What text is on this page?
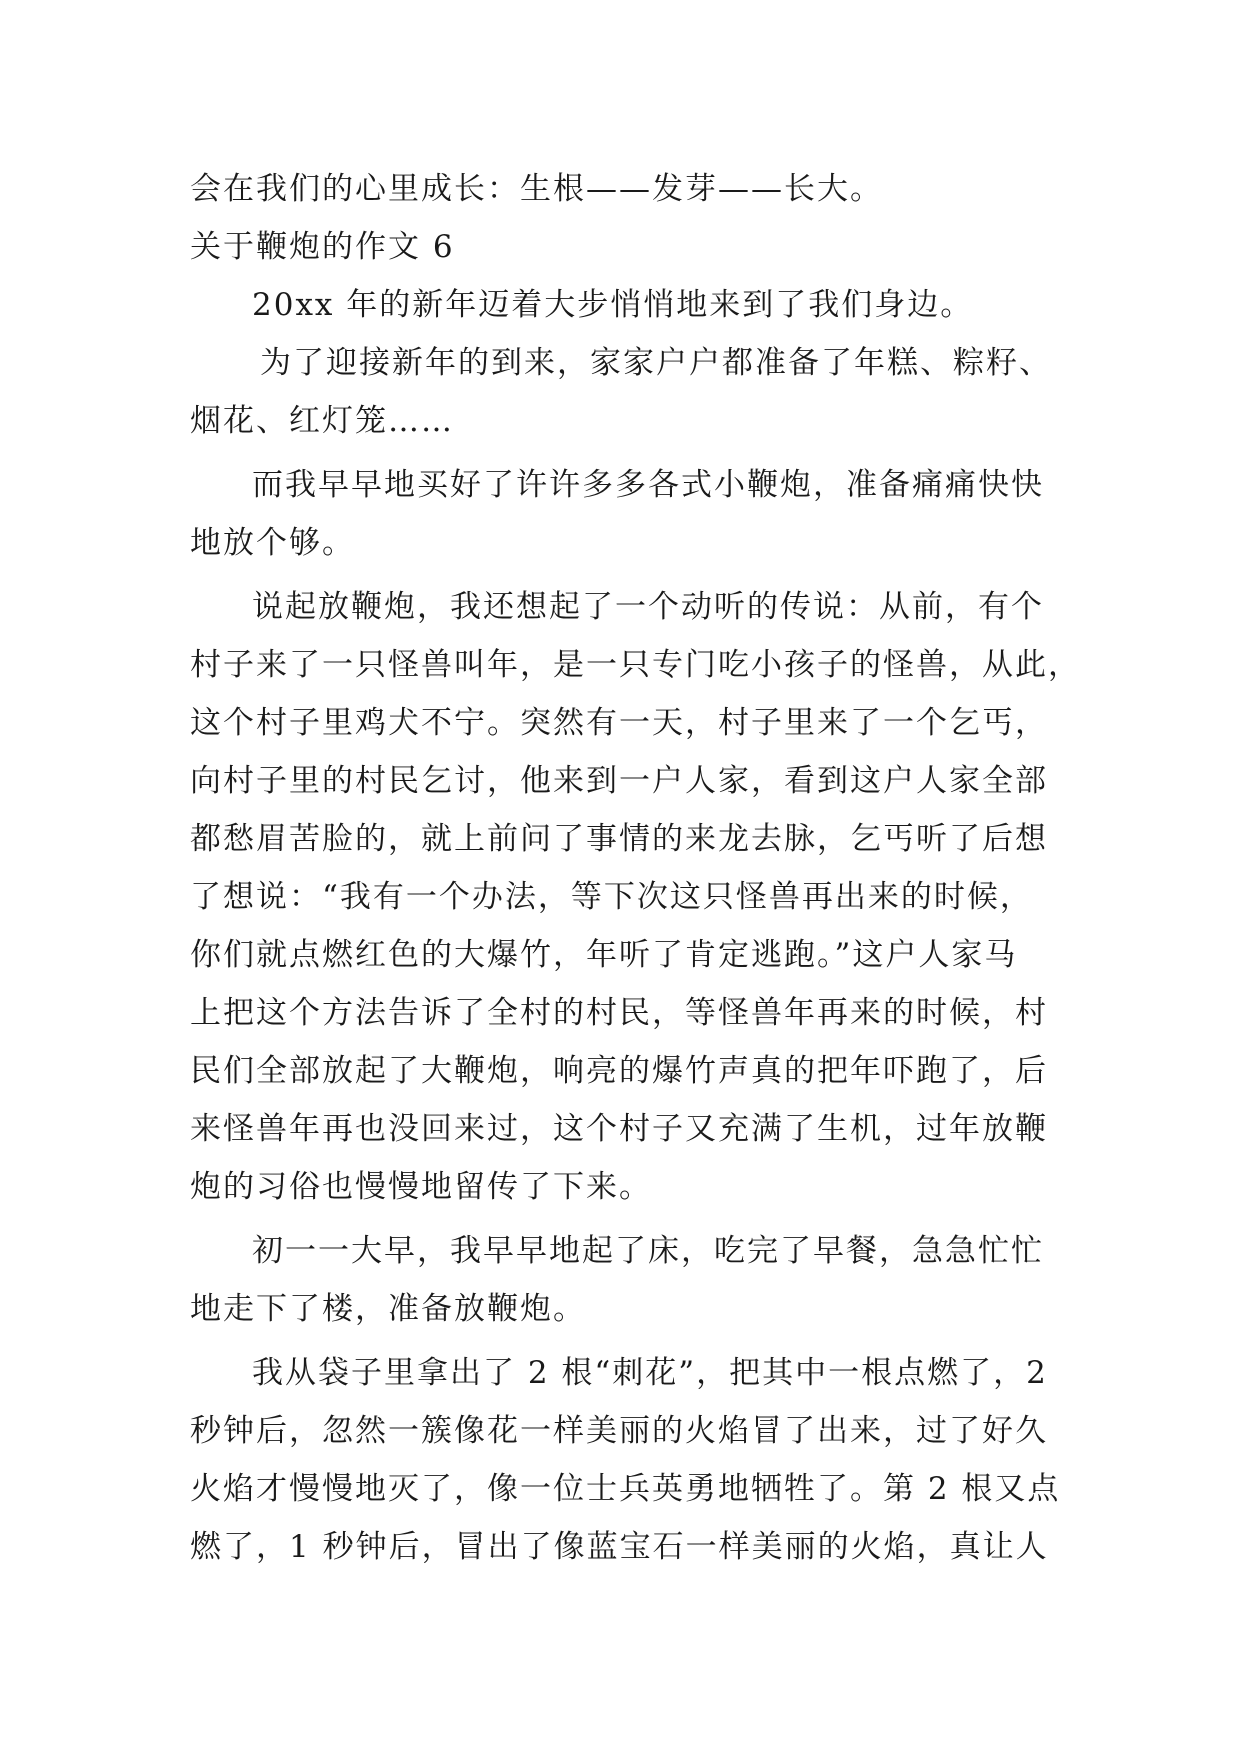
会在我们的心里成长：生根——发芽——长大。
关于鞭炮的作文 6
20xx 年的新年迈着大步悄悄地来到了我们身边。
为了迎接新年的到来，家家户户都准备了年糕、粽籽、
烟花、红灯笼……
而我早早地买好了许许多多各式小鞭炮，准备痛痛快快
地放个够。
说起放鞭炮，我还想起了一个动听的传说：从前，有个
村子来了一只怪兽叫年，是一只专门吃小孩子的怪兽，从此，
这个村子里鸡犬不宁。突然有一天，村子里来了一个乞丐，
向村子里的村民乞讨，他来到一户人家，看到这户人家全部
都愁眉苦脸的，就上前问了事情的来龙去脉，乞丐听了后想
了想说：“我有一个办法，等下次这只怪兽再出来的时候，
你们就点燃红色的大爆竹，年听了肯定逃跑。”这户人家马
上把这个方法告诉了全村的村民，等怪兽年再来的时候，村
民们全部放起了大鞭炮，响亮的爆竹声真的把年吓跑了，后
来怪兽年再也没回来过，这个村子又充满了生机，过年放鞭
炮的习俗也慢慢地留传了下来。
初一一大早，我早早地起了床，吃完了早餐，急急忙忙
地走下了楼，准备放鞭炮。
我从袋子里拿出了 2 根“刺花”，把其中一根点燃了，2
秒钟后，忽然一簇像花一样美丽的火焰冒了出来，过了好久
火焰才慢慢地灭了，像一位士兵英勇地牺牲了。第 2 根又点
燃了，1 秒钟后，冒出了像蓝宝石一样美丽的火焰，真让人
